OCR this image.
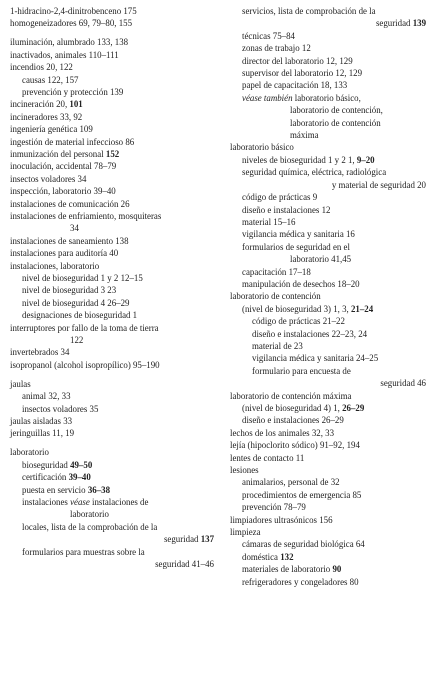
1-hidracino-2,4-dinitrobenceno 175
homogeneizadores 69, 79–80, 155
iluminación, alumbrado 133, 138
inactivados, animales 110–111
incendios 20, 122
causas 122, 157
prevención y protección 139
incineración 20, 101
incineradores 33, 92
ingeniería genética 109
ingestión de material infeccioso 86
inmunización del personal 152
inoculación, accidental 78–79
insectos voladores 34
inspección, laboratorio 39–40
instalaciones de comunicación 26
instalaciones de enfriamiento, mosquiteras
34
instalaciones de saneamiento 138
instalaciones para auditoría 40
instalaciones, laboratorio
nivel de bioseguridad 1 y 2 12–15
nivel de bioseguridad 3 23
nivel de bioseguridad 4 26–29
designaciones de bioseguridad 1
interruptores por fallo de la toma de tierra
122
invertebrados 34
isopropanol (alcohol isopropílico) 95–190
jaulas
animal 32, 33
insectos voladores 35
jaulas aisladas 33
jeringuillas 11, 19
laboratorio
bioseguridad 49–50
certificación 39–40
puesta en servicio 36–38
instalaciones véase instalaciones de
laboratorio
locales, lista de la comprobación de la
seguridad 137
formularios para muestras sobre la
seguridad 41–46
servicios, lista de comprobación de la
seguridad 139
técnicas 75–84
zonas de trabajo 12
director del laboratorio 12, 129
supervisor del laboratorio 12, 129
papel de capacitación 18, 133
véase también laboratorio básico,
laboratorio de contención,
laboratorio de contención
máxima
laboratorio básico
niveles de bioseguridad 1 y 2 1, 9–20
seguridad química, eléctrica, radiológica
y material de seguridad 20
código de prácticas 9
diseño e instalaciones 12
material 15–16
vigilancia médica y sanitaria 16
formularios de seguridad en el
laboratorio 41,45
capacitación 17–18
manipulación de desechos 18–20
laboratorio de contención
(nivel de bioseguridad 3) 1, 3, 21–24
código de prácticas 21–22
diseño e instalaciones 22–23, 24
material de 23
vigilancia médica y sanitaria 24–25
formulario para encuesta de
seguridad 46
laboratorio de contención máxima
(nivel de bioseguridad 4) 1, 26–29
diseño e instalaciones 26–29
lechos de los animales 32, 33
lejía (hipoclorito sódico) 91–92, 194
lentes de contacto 11
lesiones
animalarios, personal de 32
procedimientos de emergencia 85
prevención 78–79
limpiadores ultrasónicos 156
limpieza
cámaras de seguridad biológica 64
doméstica 132
materiales de laboratorio 90
refrigeradores y congeladores 80
